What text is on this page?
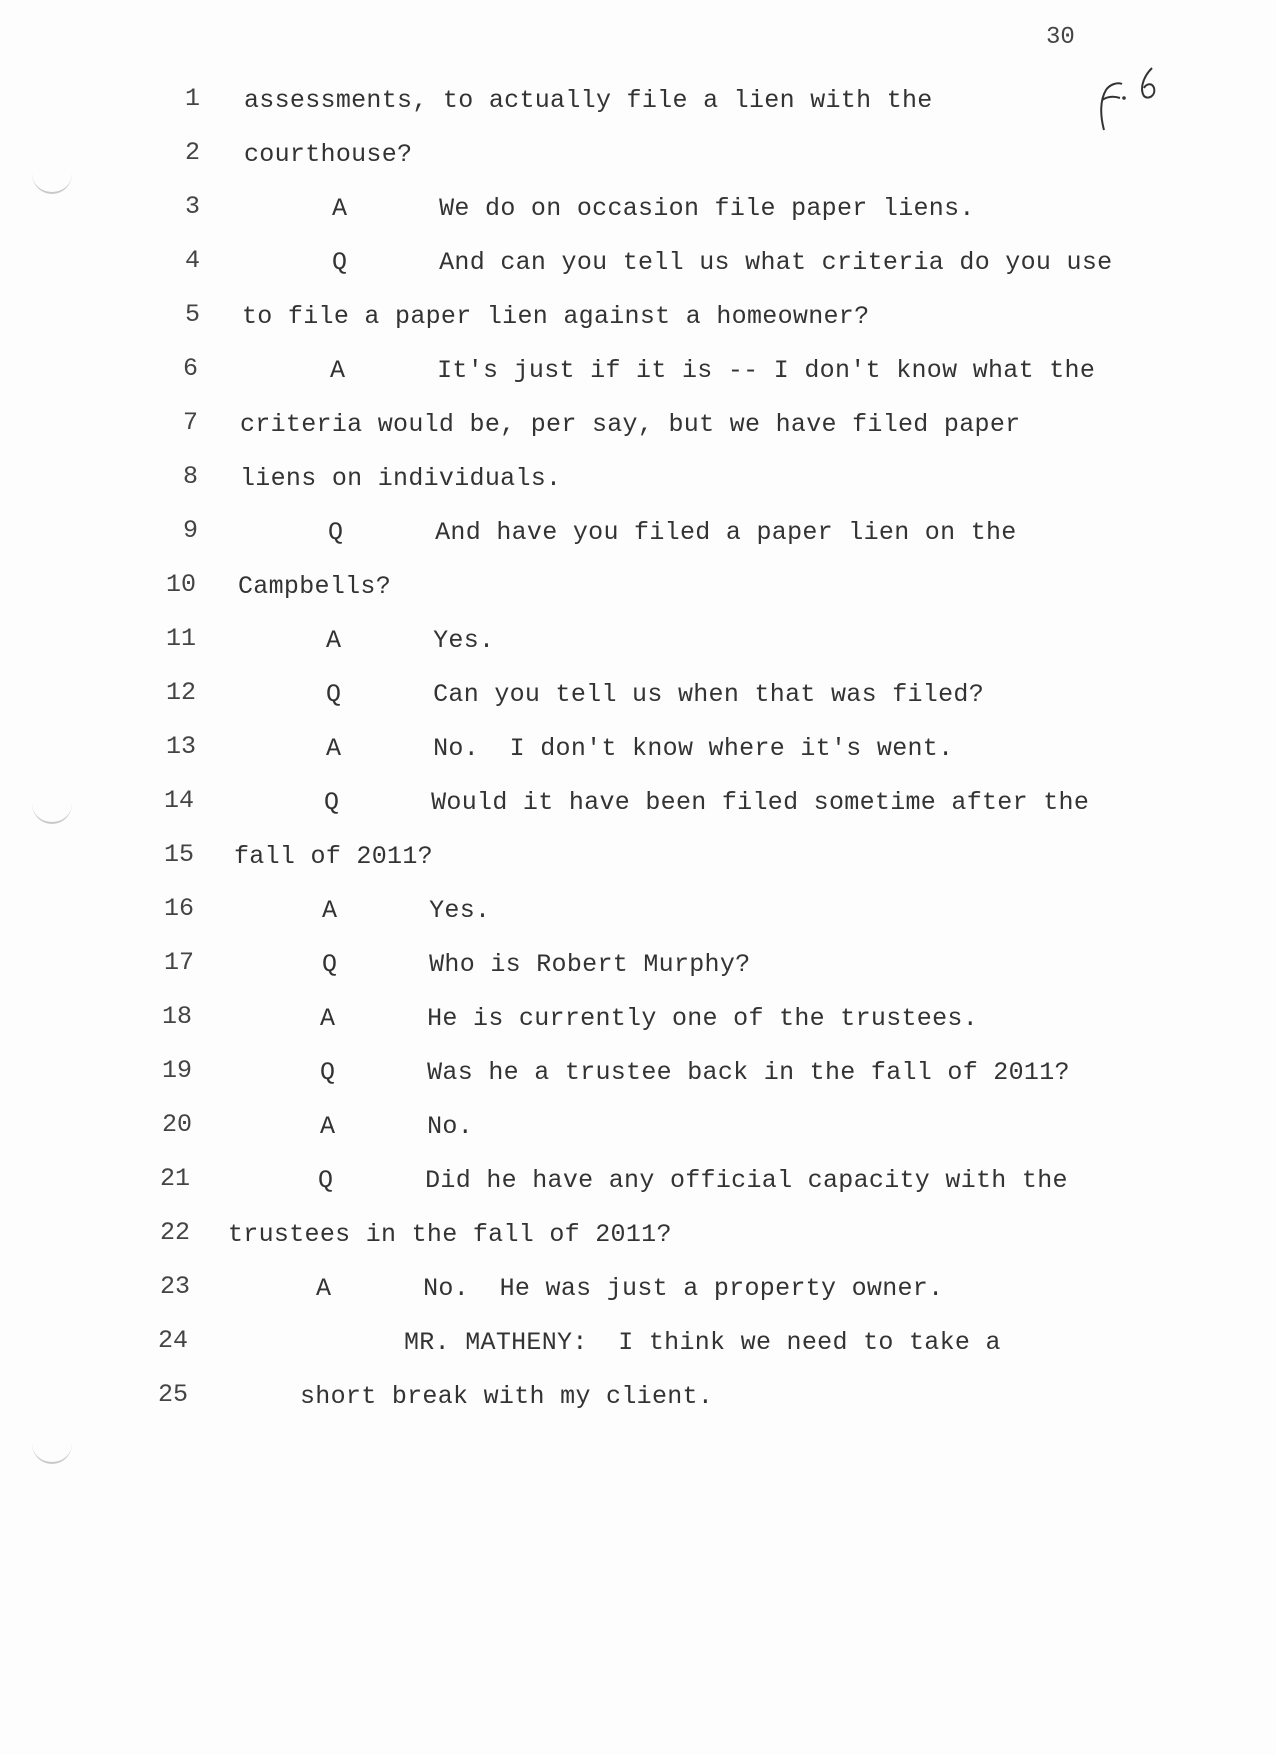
30
1 assessments, to actually file a lien with the
2 courthouse?
3	A      We do on occasion file paper liens.
4	Q      And can you tell us what criteria do you use
5 to file a paper lien against a homeowner?
6	A      It's just if it is -- I don't know what the
7 criteria would be, per say, but we have filed paper
8 liens on individuals.
9	Q      And have you filed a paper lien on the
10 Campbells?
11	A      Yes.
12	Q      Can you tell us when that was filed?
13	A      No.  I don't know where it's went.
14	Q      Would it have been filed sometime after the
15 fall of 2011?
16	A      Yes.
17	Q      Who is Robert Murphy?
18	A      He is currently one of the trustees.
19	Q      Was he a trustee back in the fall of 2011?
20	A      No.
21	Q      Did he have any official capacity with the
22 trustees in the fall of 2011?
23	A      No.  He was just a property owner.
24	MR. MATHENY:  I think we need to take a
25	short break with my client.
